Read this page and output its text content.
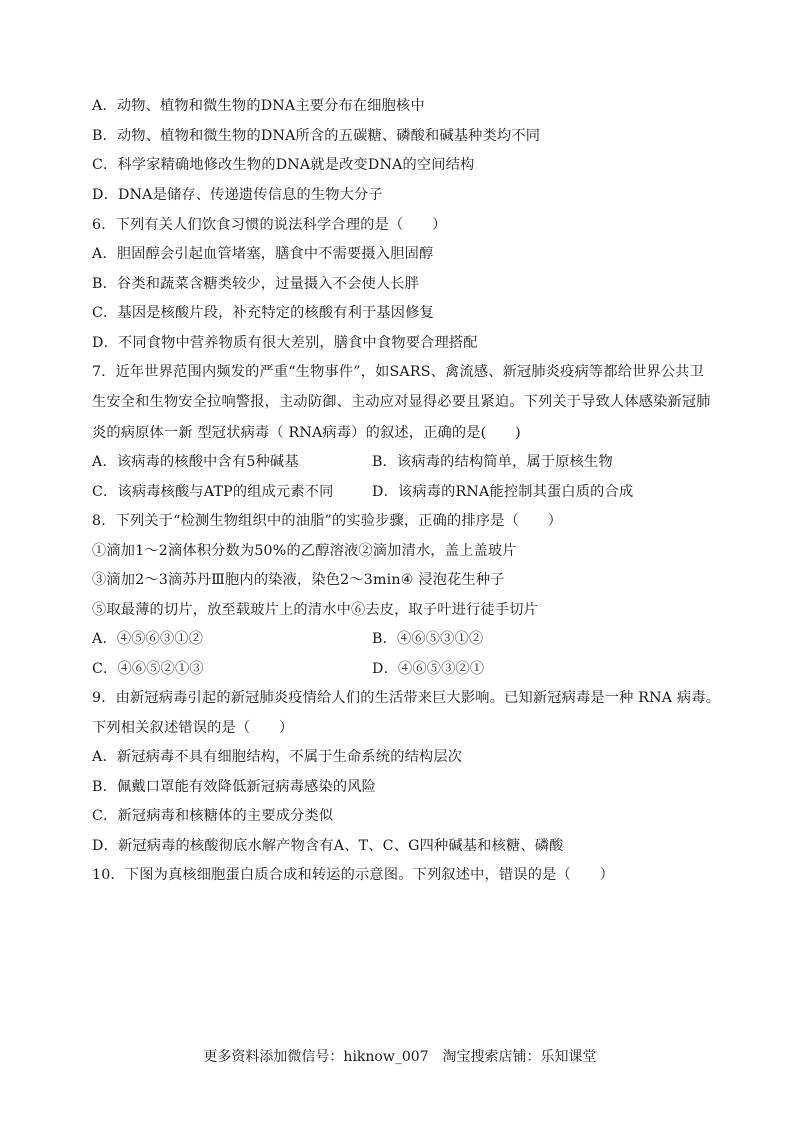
A．动物、植物和微生物的DNA主要分布在细胞核中
B．动物、植物和微生物的DNA所含的五碳糖、磷酸和碱基种类均不同
C．科学家精确地修改生物的DNA就是改变DNA的空间结构
D．DNA是储存、传递遗传信息的生物大分子
6．下列有关人们饮食习惯的说法科学合理的是（　　）
A．胆固醇会引起血管堵塞，膳食中不需要摄入胆固醇
B．谷类和蔬菜含糖类较少，过量摄入不会使人长胖
C．基因是核酸片段，补充特定的核酸有利于基因修复
D．不同食物中营养物质有很大差别，膳食中食物要合理搭配
7．近年世界范围内频发的严重“生物事件”，如SARS、禽流感、新冠肺炎疫病等都给世界公共卫
生安全和生物安全拉响警报，主动防御、主动应对显得必要且紧迫。下列关于导致人体感染新冠肺
炎的病原体一新 型冠状病毒（ RNA病毒）的叙述，正确的是(　　)
A．该病毒的核酸中含有5种碱基	B．该病毒的结构简单，属于原核生物
C．该病毒核酸与ATP的组成元素不同	D．该病毒的RNA能控制其蛋白质的合成
8．下列关于“检测生物组织中的油脂”的实验步骤，正确的排序是（　　）
①滴加1～2滴体积分数为50%的乙醇溶液②滴加清水，盖上盖玻片
③滴加2～3滴苏丹Ⅲ胞内的染液，染色2～3min④ 浸泡花生种子
⑤取最薄的切片，放至载玻片上的清水中⑥去皮，取子叶进行徒手切片
A．④⑤⑥③①②	B．④⑥⑤③①②
C．④⑥⑤②①③	D．④⑥⑤③②①
9．由新冠病毒引起的新冠肺炎疫情给人们的生活带来巨大影响。已知新冠病毒是一种 RNA 病毒。
下列相关叙述错误的是（　　）
A．新冠病毒不具有细胞结构，不属于生命系统的结构层次
B．佩戴口罩能有效降低新冠病毒感染的风险
C．新冠病毒和核糖体的主要成分类似
D．新冠病毒的核酸彻底水解产物含有A、T、C、G四种碱基和核糖、磷酸
10．下图为真核细胞蛋白质合成和转运的示意图。下列叙述中，错误的是（　　）
更多资料添加微信号：hiknow_007　淘宝搜索店铺：乐知课堂
